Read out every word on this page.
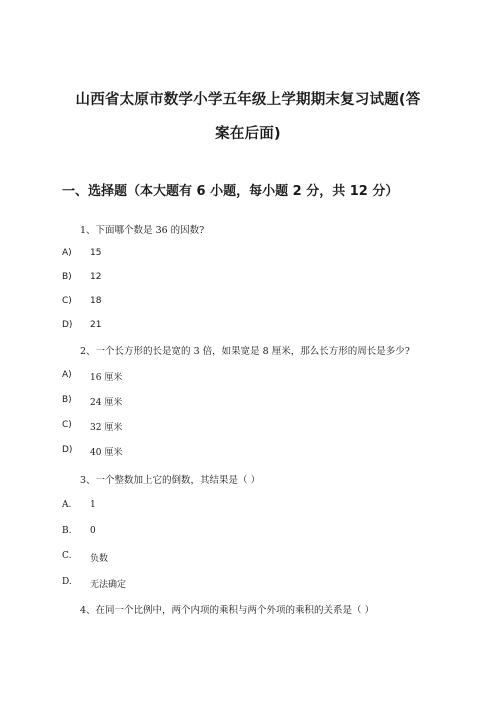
山西省太原市数学小学五年级上学期期末复习试题(答
案在后面)
一、选择题（本大题有 6 小题，每小题 2 分，共 12 分）
1、下面哪个数是 36 的因数?
A)	15
B)	12
C)	18
D)	21
2、一个长方形的长是宽的 3 倍，如果宽是 8 厘米，那么长方形的周长是多少?
A)	16 厘米
B)	24 厘米
C)	32 厘米
D)	40 厘米
3、一个整数加上它的倒数，其结果是（ ）
A.	1
B.	0
C.	负数
D.	无法确定
4、在同一个比例中，两个内项的乘积与两个外项的乘积的关系是（ ）
